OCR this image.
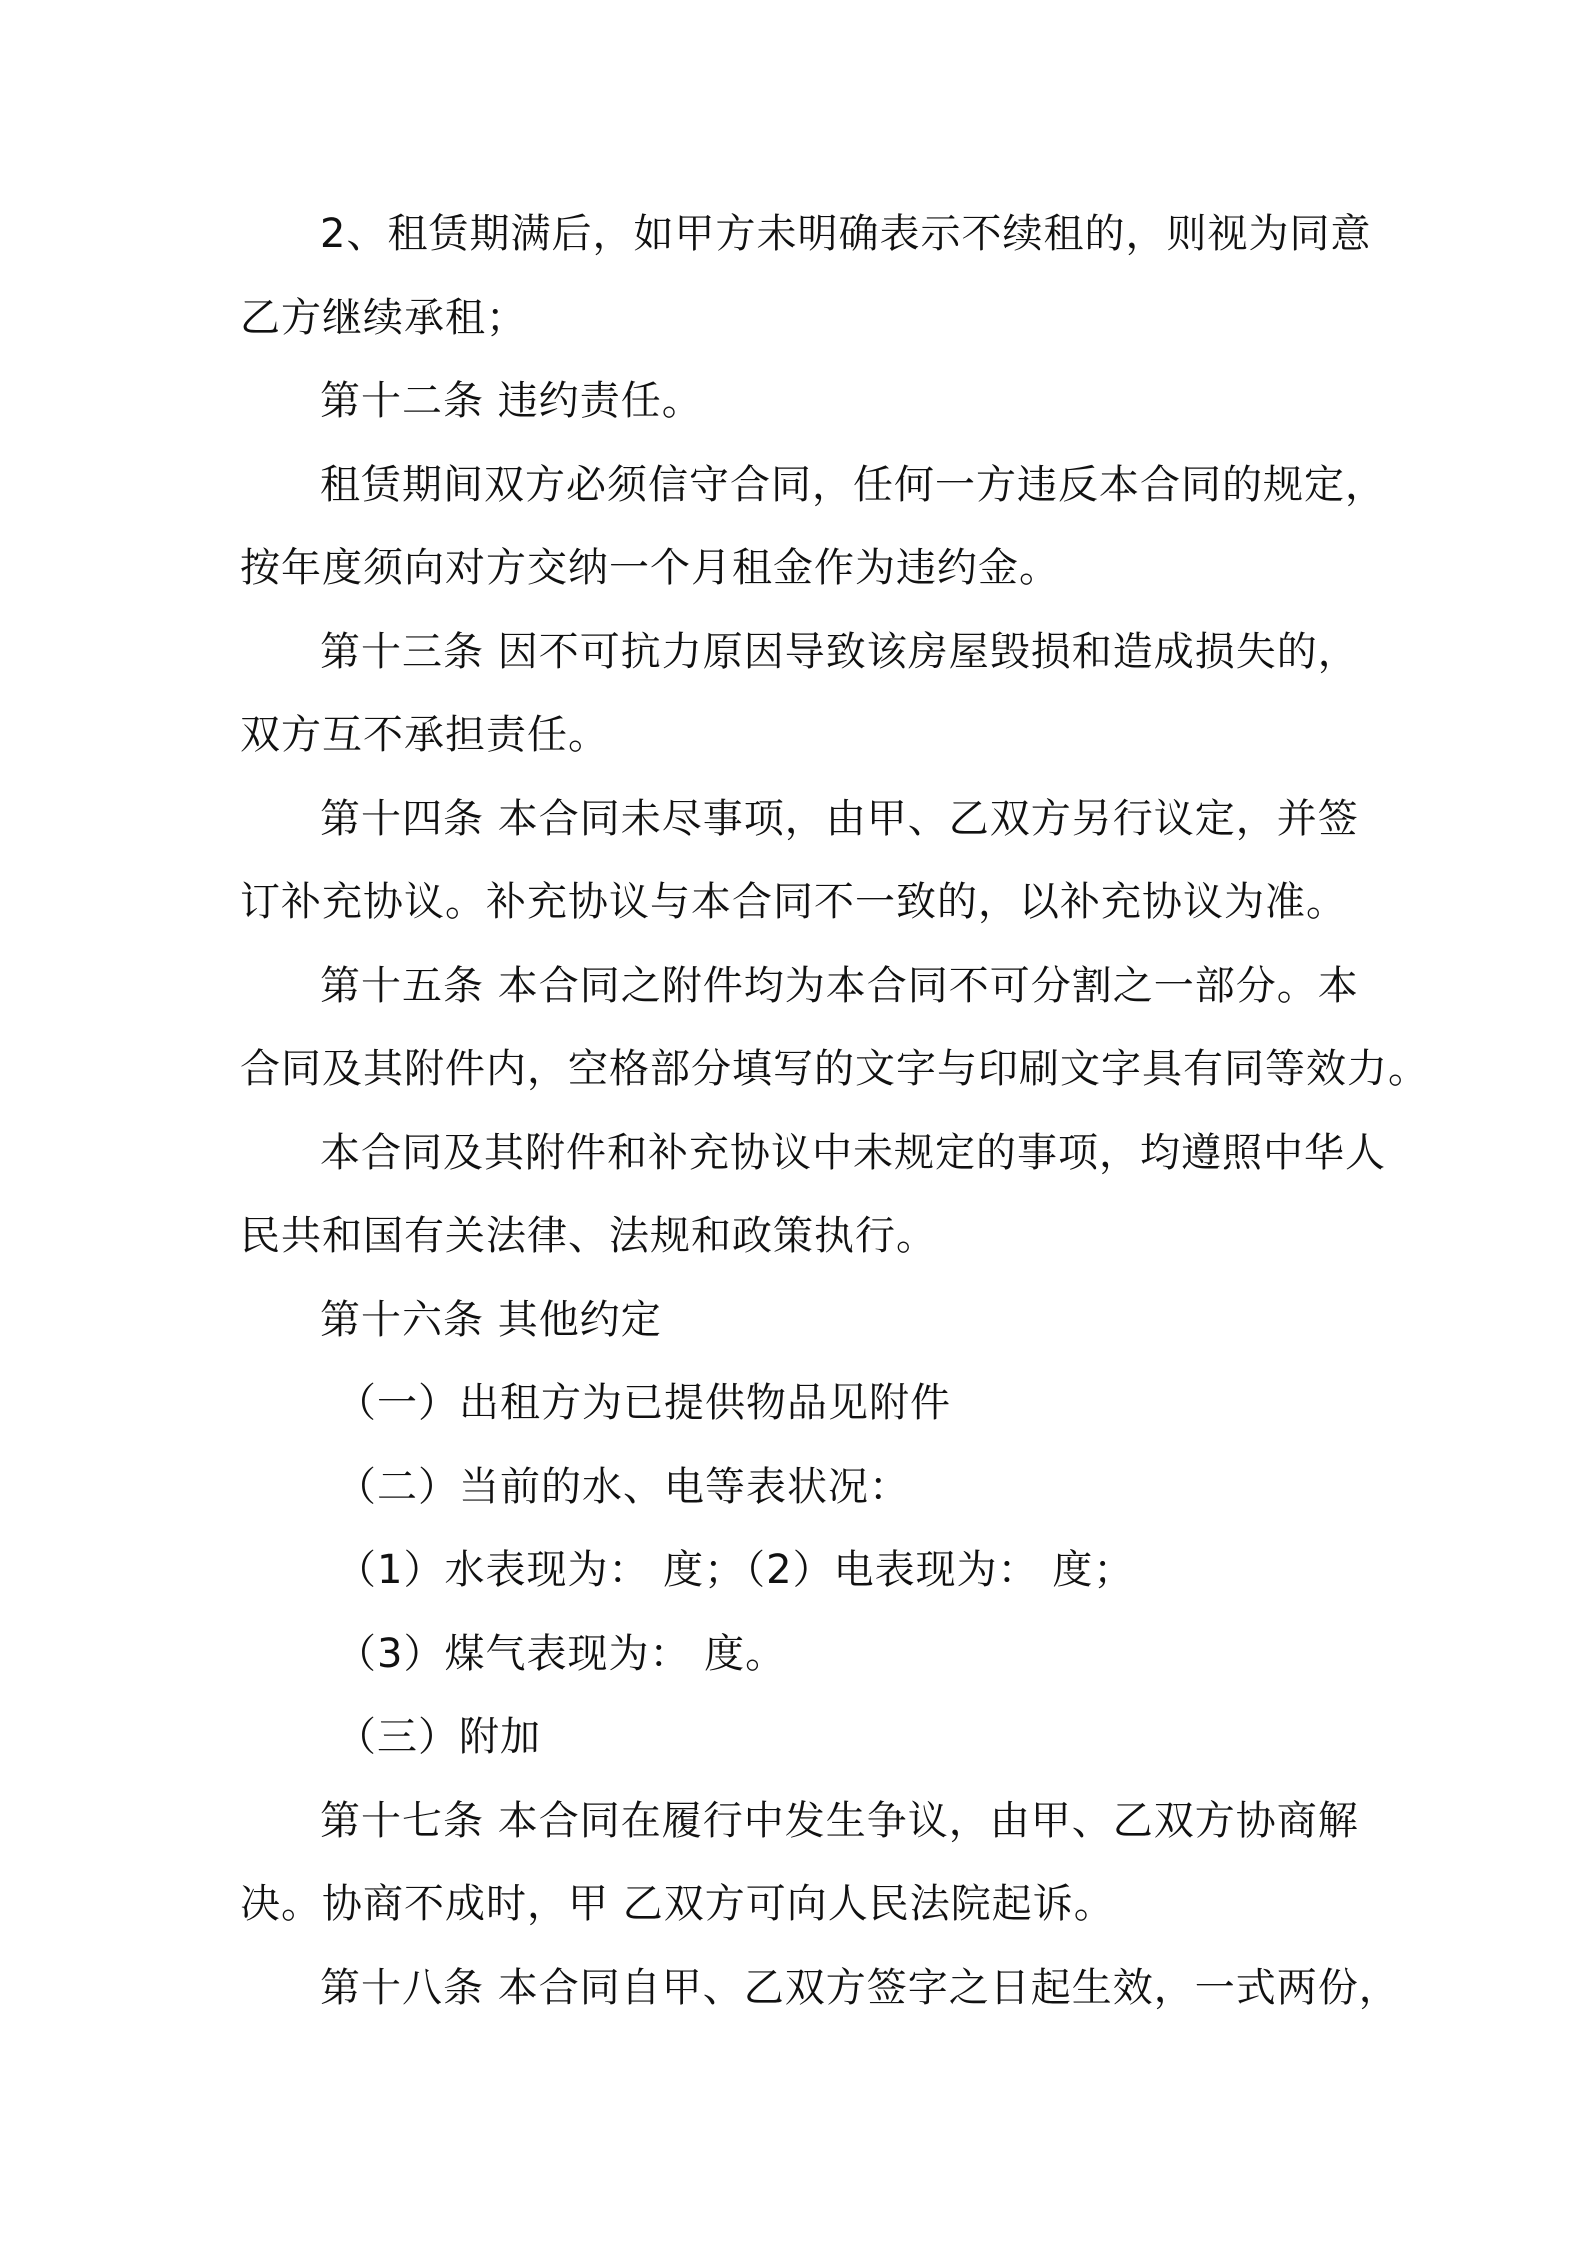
2、租赁期满后，如甲方未明确表示不续租的，则视为同意
乙方继续承租；
第十二条 违约责任。
租赁期间双方必须信守合同，任何一方违反本合同的规定，
按年度须向对方交纳一个月租金作为违约金。
第十三条 因不可抗力原因导致该房屋毁损和造成损失的，
双方互不承担责任。
第十四条 本合同未尽事项，由甲、乙双方另行议定，并签
订补充协议。补充协议与本合同不一致的，以补充协议为准。
第十五条 本合同之附件均为本合同不可分割之一部分。本
合同及其附件内，空格部分填写的文字与印刷文字具有同等效力。
本合同及其附件和补充协议中未规定的事项，均遵照中华人
民共和国有关法律、法规和政策执行。
第十六条 其他约定
（一）出租方为已提供物品见附件
（二）当前的水、电等表状况：
（1）水表现为： 度；（2）电表现为： 度；
（3）煤气表现为： 度。
（三）附加
第十七条 本合同在履行中发生争议，由甲、乙双方协商解
决。协商不成时，甲 乙双方可向人民法院起诉。
第十八条 本合同自甲、乙双方签字之日起生效，一式两份，
